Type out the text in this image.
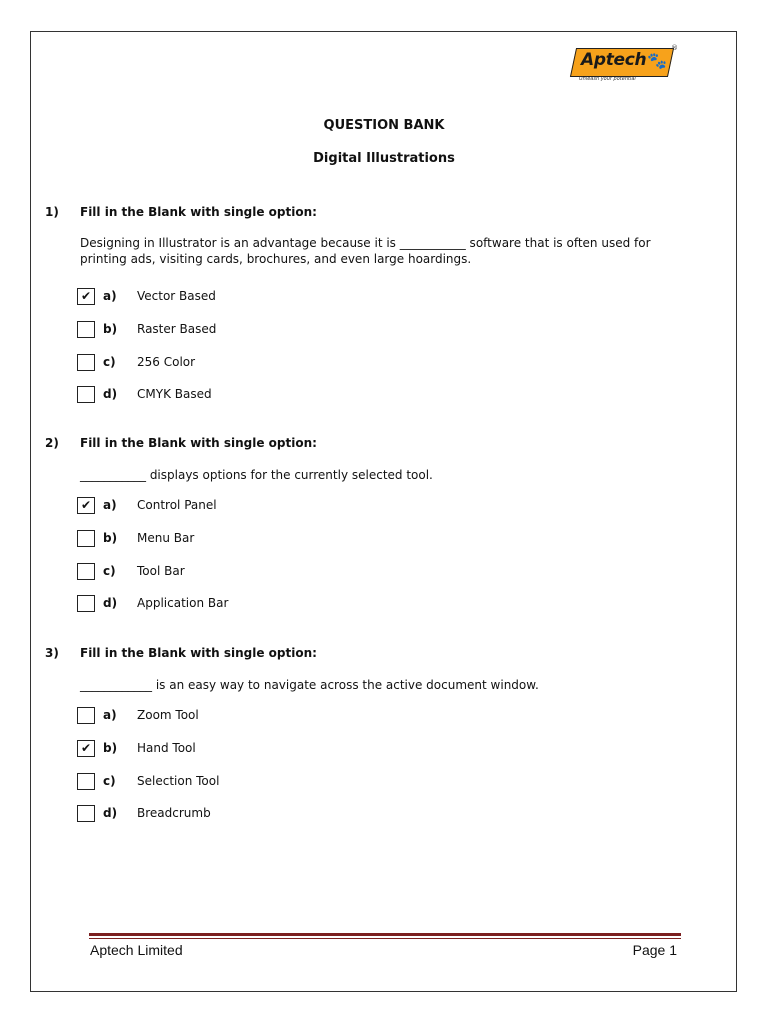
Aptech 🐾
®
Unleash your potential
QUESTION BANK
Digital Illustrations
1) Fill in the Blank with single option:
Designing in Illustrator is an advantage because it is ___________ software that is often used for printing ads, visiting cards, brochures, and even large hoardings.
✔ a) Vector Based
b) Raster Based
c) 256 Color
d) CMYK Based
2) Fill in the Blank with single option:
___________ displays options for the currently selected tool.
✔ a) Control Panel
b) Menu Bar
c) Tool Bar
d) Application Bar
3) Fill in the Blank with single option:
____________ is an easy way to navigate across the active document window.
a) Zoom Tool
✔ b) Hand Tool
c) Selection Tool
d) Breadcrumb
Aptech Limited	Page 1
